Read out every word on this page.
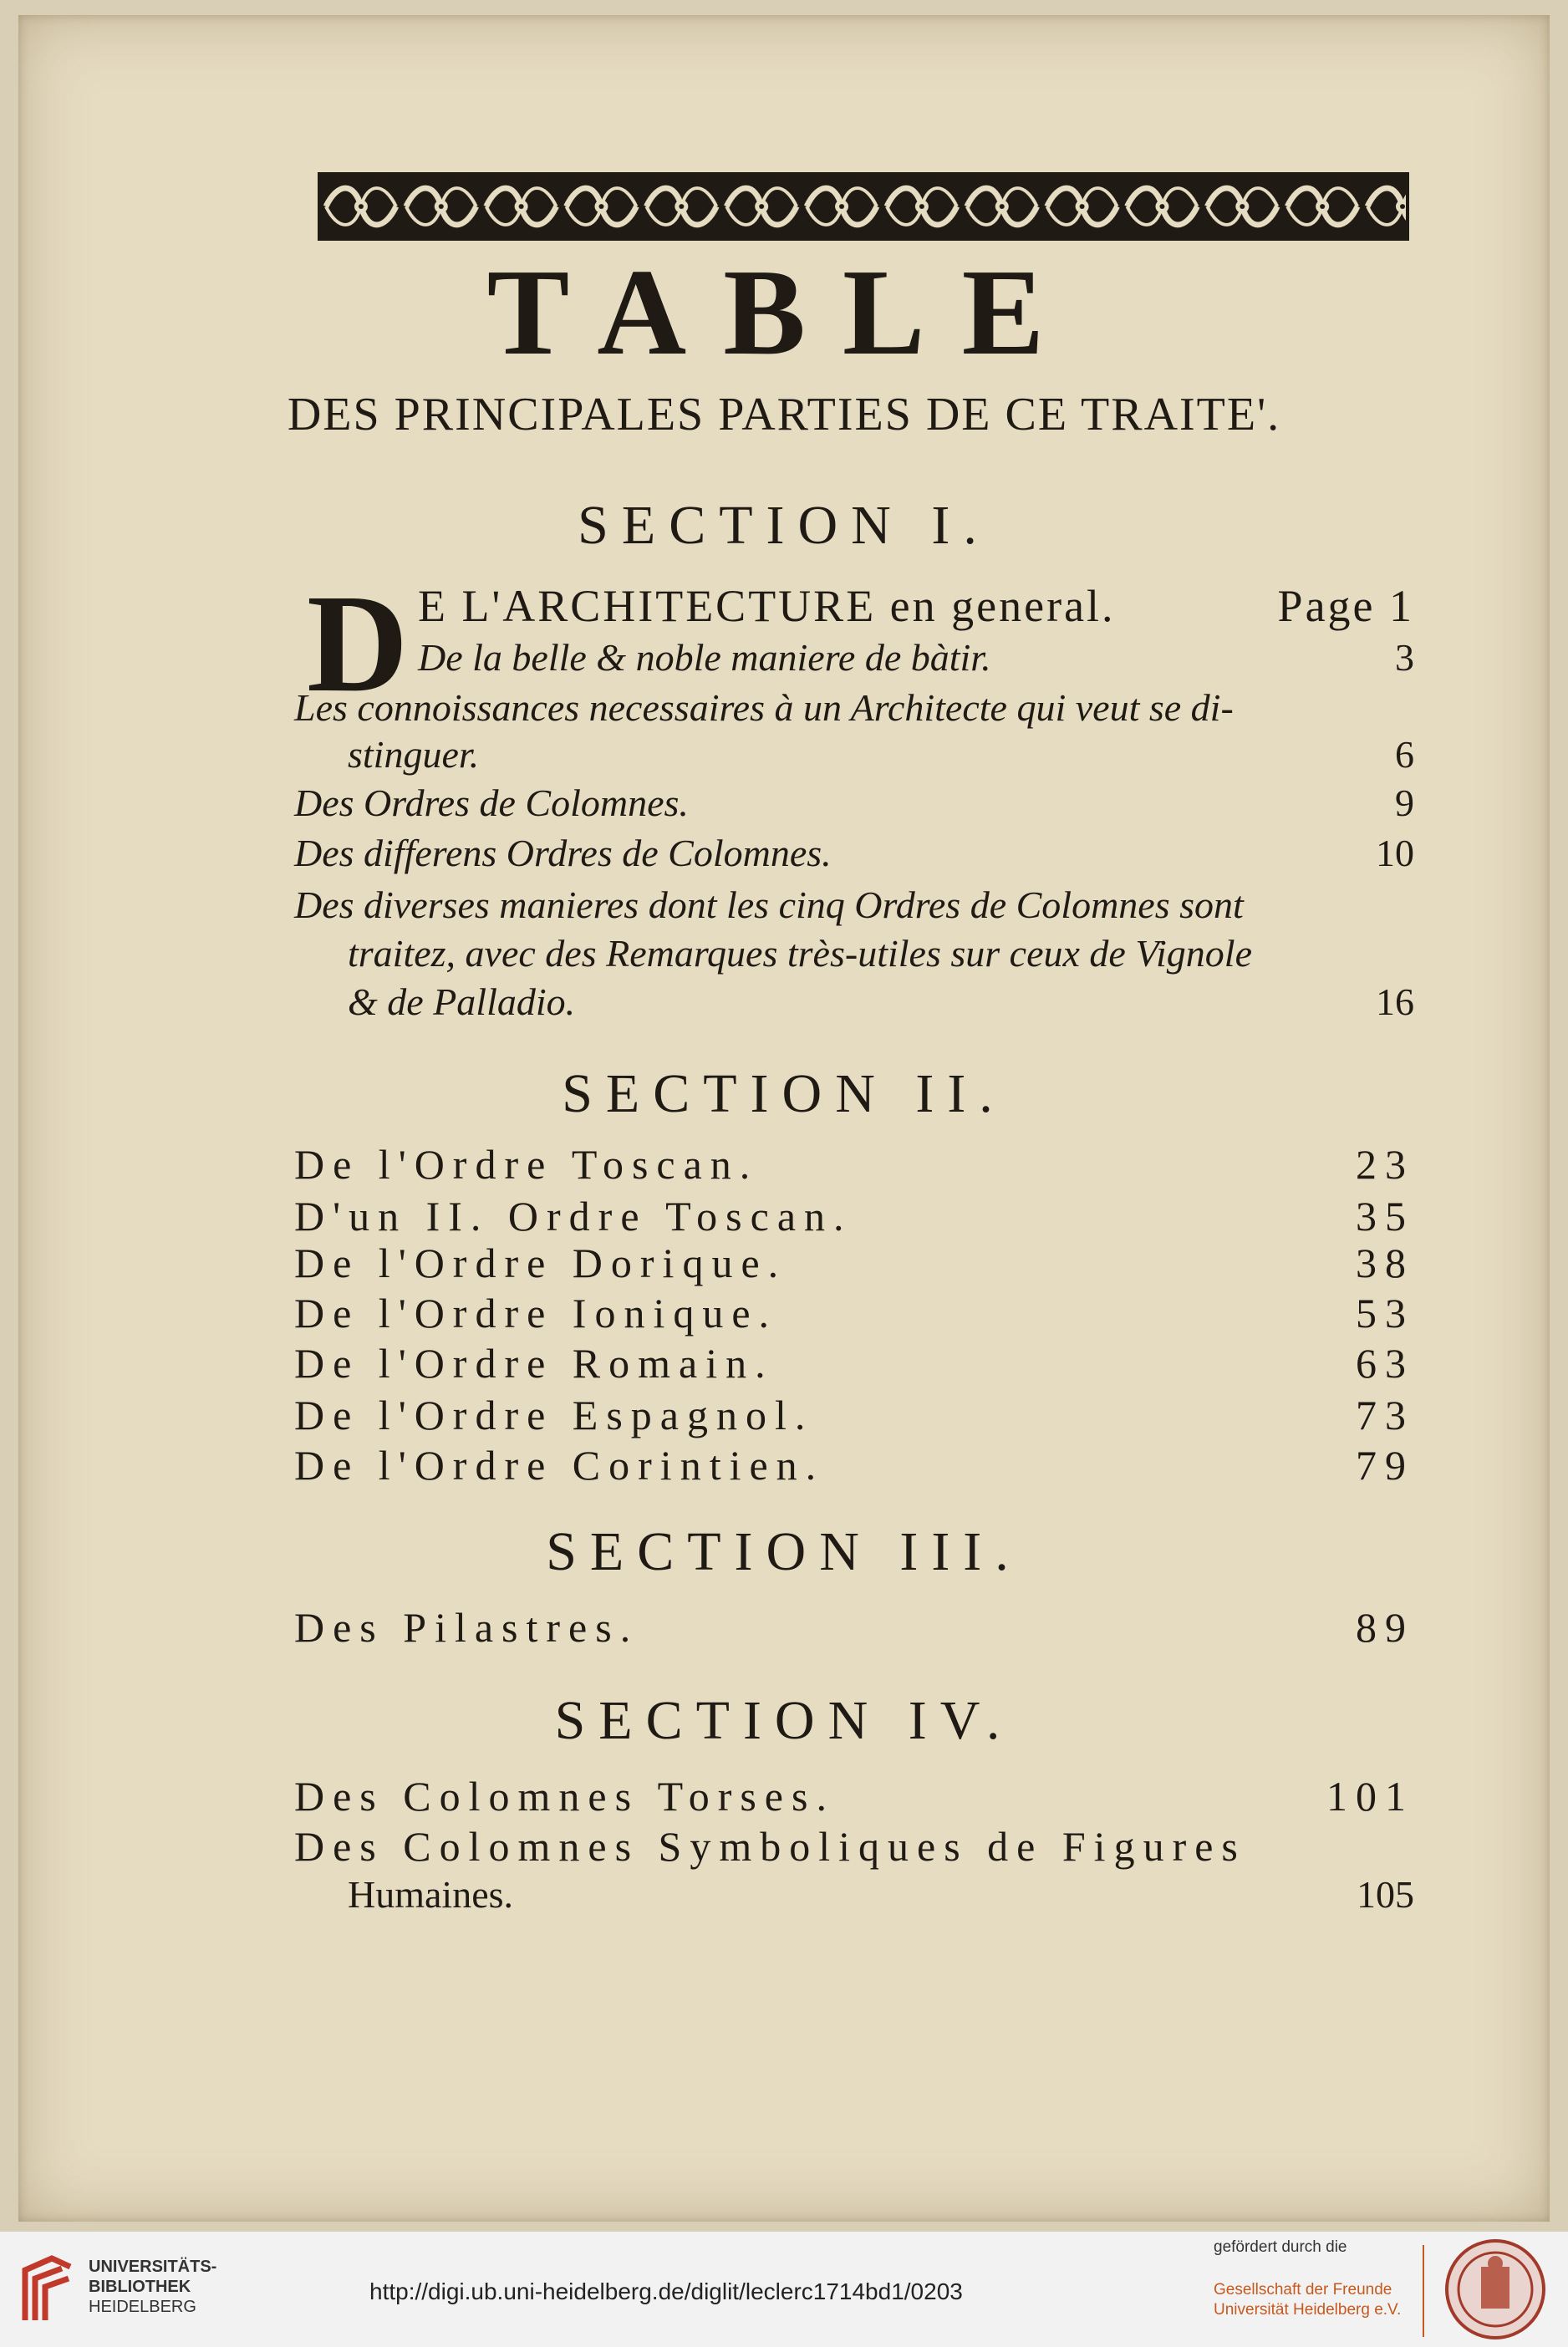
TABLE
DES PRINCIPALES PARTIES DE CE TRAITE'.
SECTION I.
D E L'ARCHITECTURE en general.	Page 1
De la belle & noble maniere de bàtir.	3
Les connoissances necessaires à un Architecte qui veut se di-
stinguer.	6
Des Ordres de Colomnes.	9
Des differens Ordres de Colomnes.	10
Des diverses manieres dont les cinq Ordres de Colomnes sont
traitez, avec des Remarques très-utiles sur ceux de Vignole
& de Palladio.	16
SECTION II.
De l'Ordre Toscan.	23
D'un II. Ordre Toscan.	35
De l'Ordre Dorique.	38
De l'Ordre Ionique.	53
De l'Ordre Romain.	63
De l'Ordre Espagnol.	73
De l'Ordre Corintien.	79
SECTION III.
Des Pilastres.	89
SECTION IV.
Des Colomnes Torses.	101
Des Colomnes Symboliques de Figures
Humaines.	105
UNIVERSITÄTS-
BIBLIOTHEK
HEIDELBERG
http://digi.ub.uni-heidelberg.de/diglit/leclerc1714bd1/0203
gefördert durch die
Gesellschaft der Freunde
Universität Heidelberg e.V.
